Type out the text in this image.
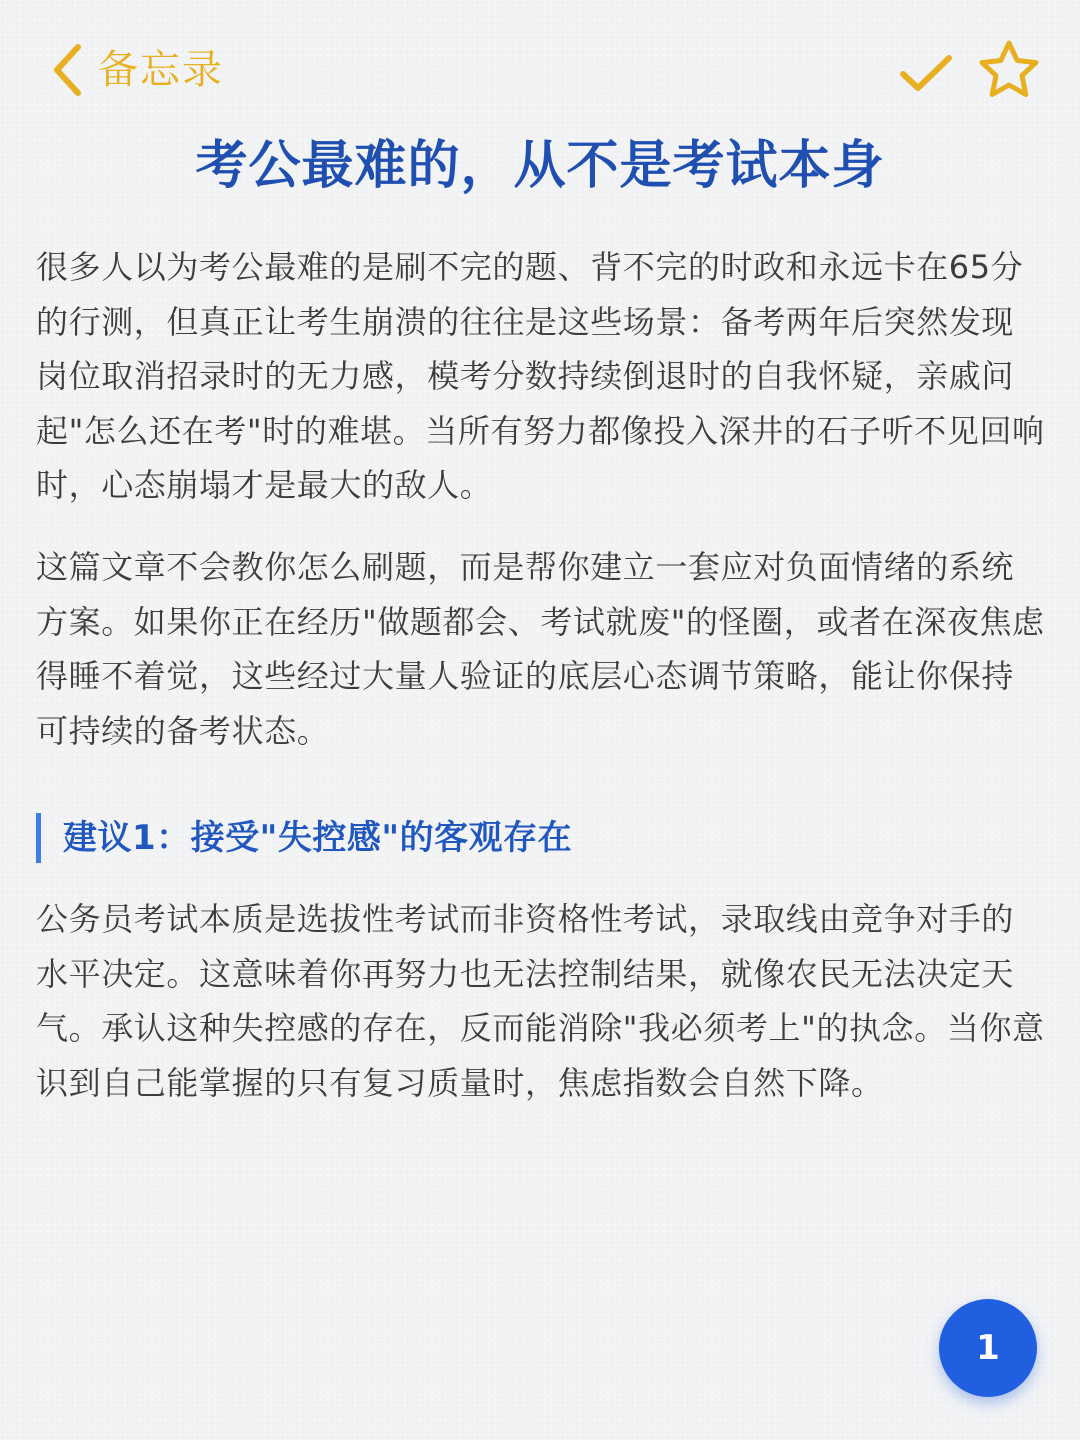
备忘录
考公最难的，从不是考试本身

很多人以为考公最难的是刷不完的题、背不完的时政和永远卡在65分的行测，但真正让考生崩溃的往往是这些场景：备考两年后突然发现岗位取消招录时的无力感，模考分数持续倒退时的自我怀疑，亲戚问起"怎么还在考"时的难堪。当所有努力都像投入深井的石子听不见回响时，心态崩塌才是最大的敌人。

这篇文章不会教你怎么刷题，而是帮你建立一套应对负面情绪的系统方案。如果你正在经历"做题都会、考试就废"的怪圈，或者在深夜焦虑得睡不着觉，这些经过大量人验证的底层心态调节策略，能让你保持可持续的备考状态。

建议1：接受"失控感"的客观存在

公务员考试本质是选拔性考试而非资格性考试，录取线由竞争对手的水平决定。这意味着你再努力也无法控制结果，就像农民无法决定天气。承认这种失控感的存在，反而能消除"我必须考上"的执念。当你意识到自己能掌握的只有复习质量时，焦虑指数会自然下降。

1
